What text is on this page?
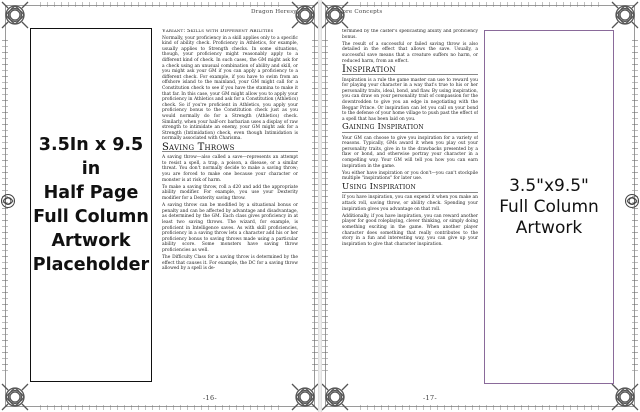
Dragon Heresy
3.5In x 9.5 in
Half Page
Full Column
Artwork
Placeholder
Variant: Skills with Different Abilities

Normally, your proficiency in a skill applies only to a specific kind of ability check. Proficiency in Athletics, for example, usually applies to Strength checks. In some situations, though, your proficiency might reasonably apply to a different kind of check. In such cases, the GM might ask for a check using an unusual combination of ability and skill, or you might ask your GM if you can apply a proficiency to a different check. For example, if you have to swim from an offshore island to the mainland, your GM might call for a Constitution check to see if you have the stamina to make it that far. In this case, your GM might allow you to apply your proficiency in Athletics and ask for a Constitution (Athletics) check. So if you're proficient in Athletics, you apply your proficiency bonus to the Constitution check just as you would normally do for a Strength (Athletics) check. Similarly, when your half-orc barbarian uses a display of raw strength to intimidate an enemy, your GM might ask for a Strength (Intimidation) check, even though Intimidation is normally associated with Charisma.

Saving Throws

A saving throw—also called a save—represents an attempt to resist a spell, a trap, a poison, a disease, or a similar threat. You don't normally decide to make a saving throw; you are forced to make one because your character or monster is at risk of harm.

To make a saving throw, roll a d20 and add the appropriate ability modifier. For example, you use your Dexterity modifier for a Dexterity saving throw.

A saving throw can be modified by a situational bonus or penalty and can be affected by advantage and disadvantage, as determined by the GM. Each class gives proficiency in at least two saving throws. The wizard, for example, is proficient in Intelligence saves. As with skill proficiencies, proficiency in a saving throw lets a character add his or her proficiency bonus to saving throws made using a particular ability score. Some monsters have saving throw proficiencies as well.

The Difficulty Class for a saving throw is determined by the effect that causes it. For example, the DC for a saving throw allowed by a spell is de-

-16-
Core Concepts

termined by the caster's spellcasting ability and proficiency bonus.

The result of a successful or failed saving throw is also detailed in the effect that allows the save. Usually, a successful save means that a creature suffers no harm, or reduced harm, from an effect.

Inspiration

Inspiration is a rule the game master can use to reward you for playing your character in a way that's true to his or her personality traits, ideal, bond, and flaw. By using inspiration, you can draw on your personality trait of compassion for the downtrodden to give you an edge in negotiating with the Beggar Prince. Or inspiration can let you call on your bond to the defense of your home village to push past the effect of a spell that has been laid on you.

Gaining Inspiration

Your GM can choose to give you inspiration for a variety of reasons. Typically, GMs award it when you play out your personality traits, give in to the drawbacks presented by a flaw or bond, and otherwise portray your character in a compelling way. Your GM will tell you how you can earn inspiration in the game.

You either have inspiration or you don't—you can't stockpile multiple "inspirations" for later use.

Using Inspiration

If you have inspiration, you can expend it when you make an attack roll, saving throw, or ability check. Spending your inspiration gives you advantage on that roll.

Additionally, if you have inspiration, you can reward another player for good roleplaying, clever thinking, or simply doing something exciting in the game. When another player character does something that really contributes to the story in a fun and interesting way, you can give up your inspiration to give that character inspiration.

3.5"x9.5"
Full Column
Artwork
-17-
